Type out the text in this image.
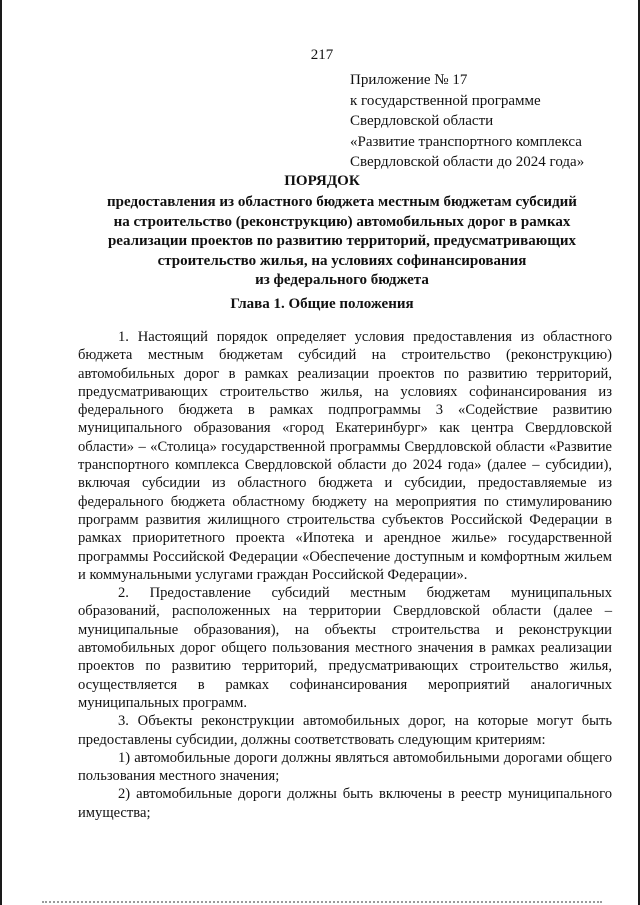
217
Приложение № 17
к государственной программе
Свердловской области
«Развитие транспортного комплекса
Свердловской области до 2024 года»
ПОРЯДОК
предоставления из областного бюджета местным бюджетам субсидий
на строительство (реконструкцию) автомобильных дорог в рамках
реализации проектов по развитию территорий, предусматривающих
строительство жилья, на условиях софинансирования
из федерального бюджета
Глава 1. Общие положения

1. Настоящий порядок определяет условия предоставления из областного бюджета местным бюджетам субсидий на строительство (реконструкцию) автомобильных дорог в рамках реализации проектов по развитию территорий, предусматривающих строительство жилья, на условиях софинансирования из федерального бюджета в рамках подпрограммы 3 «Содействие развитию муниципального образования «город Екатеринбург» как центра Свердловской области» – «Столица» государственной программы Свердловской области «Развитие транспортного комплекса Свердловской области до 2024 года» (далее – субсидии), включая субсидии из областного бюджета и субсидии, предоставляемые из федерального бюджета областному бюджету на мероприятия по стимулированию программ развития жилищного строительства субъектов Российской Федерации в рамках приоритетного проекта «Ипотека и арендное жилье» государственной программы Российской Федерации «Обеспечение доступным и комфортным жильем и коммунальными услугами граждан Российской Федерации».

2. Предоставление субсидий местным бюджетам муниципальных образований, расположенных на территории Свердловской области (далее – муниципальные образования), на объекты строительства и реконструкции автомобильных дорог общего пользования местного значения в рамках реализации проектов по развитию территорий, предусматривающих строительство жилья, осуществляется в рамках софинансирования мероприятий аналогичных муниципальных программ.

3. Объекты реконструкции автомобильных дорог, на которые могут быть предоставлены субсидии, должны соответствовать следующим критериям:

1) автомобильные дороги должны являться автомобильными дорогами общего пользования местного значения;

2) автомобильные дороги должны быть включены в реестр муниципального имущества;
